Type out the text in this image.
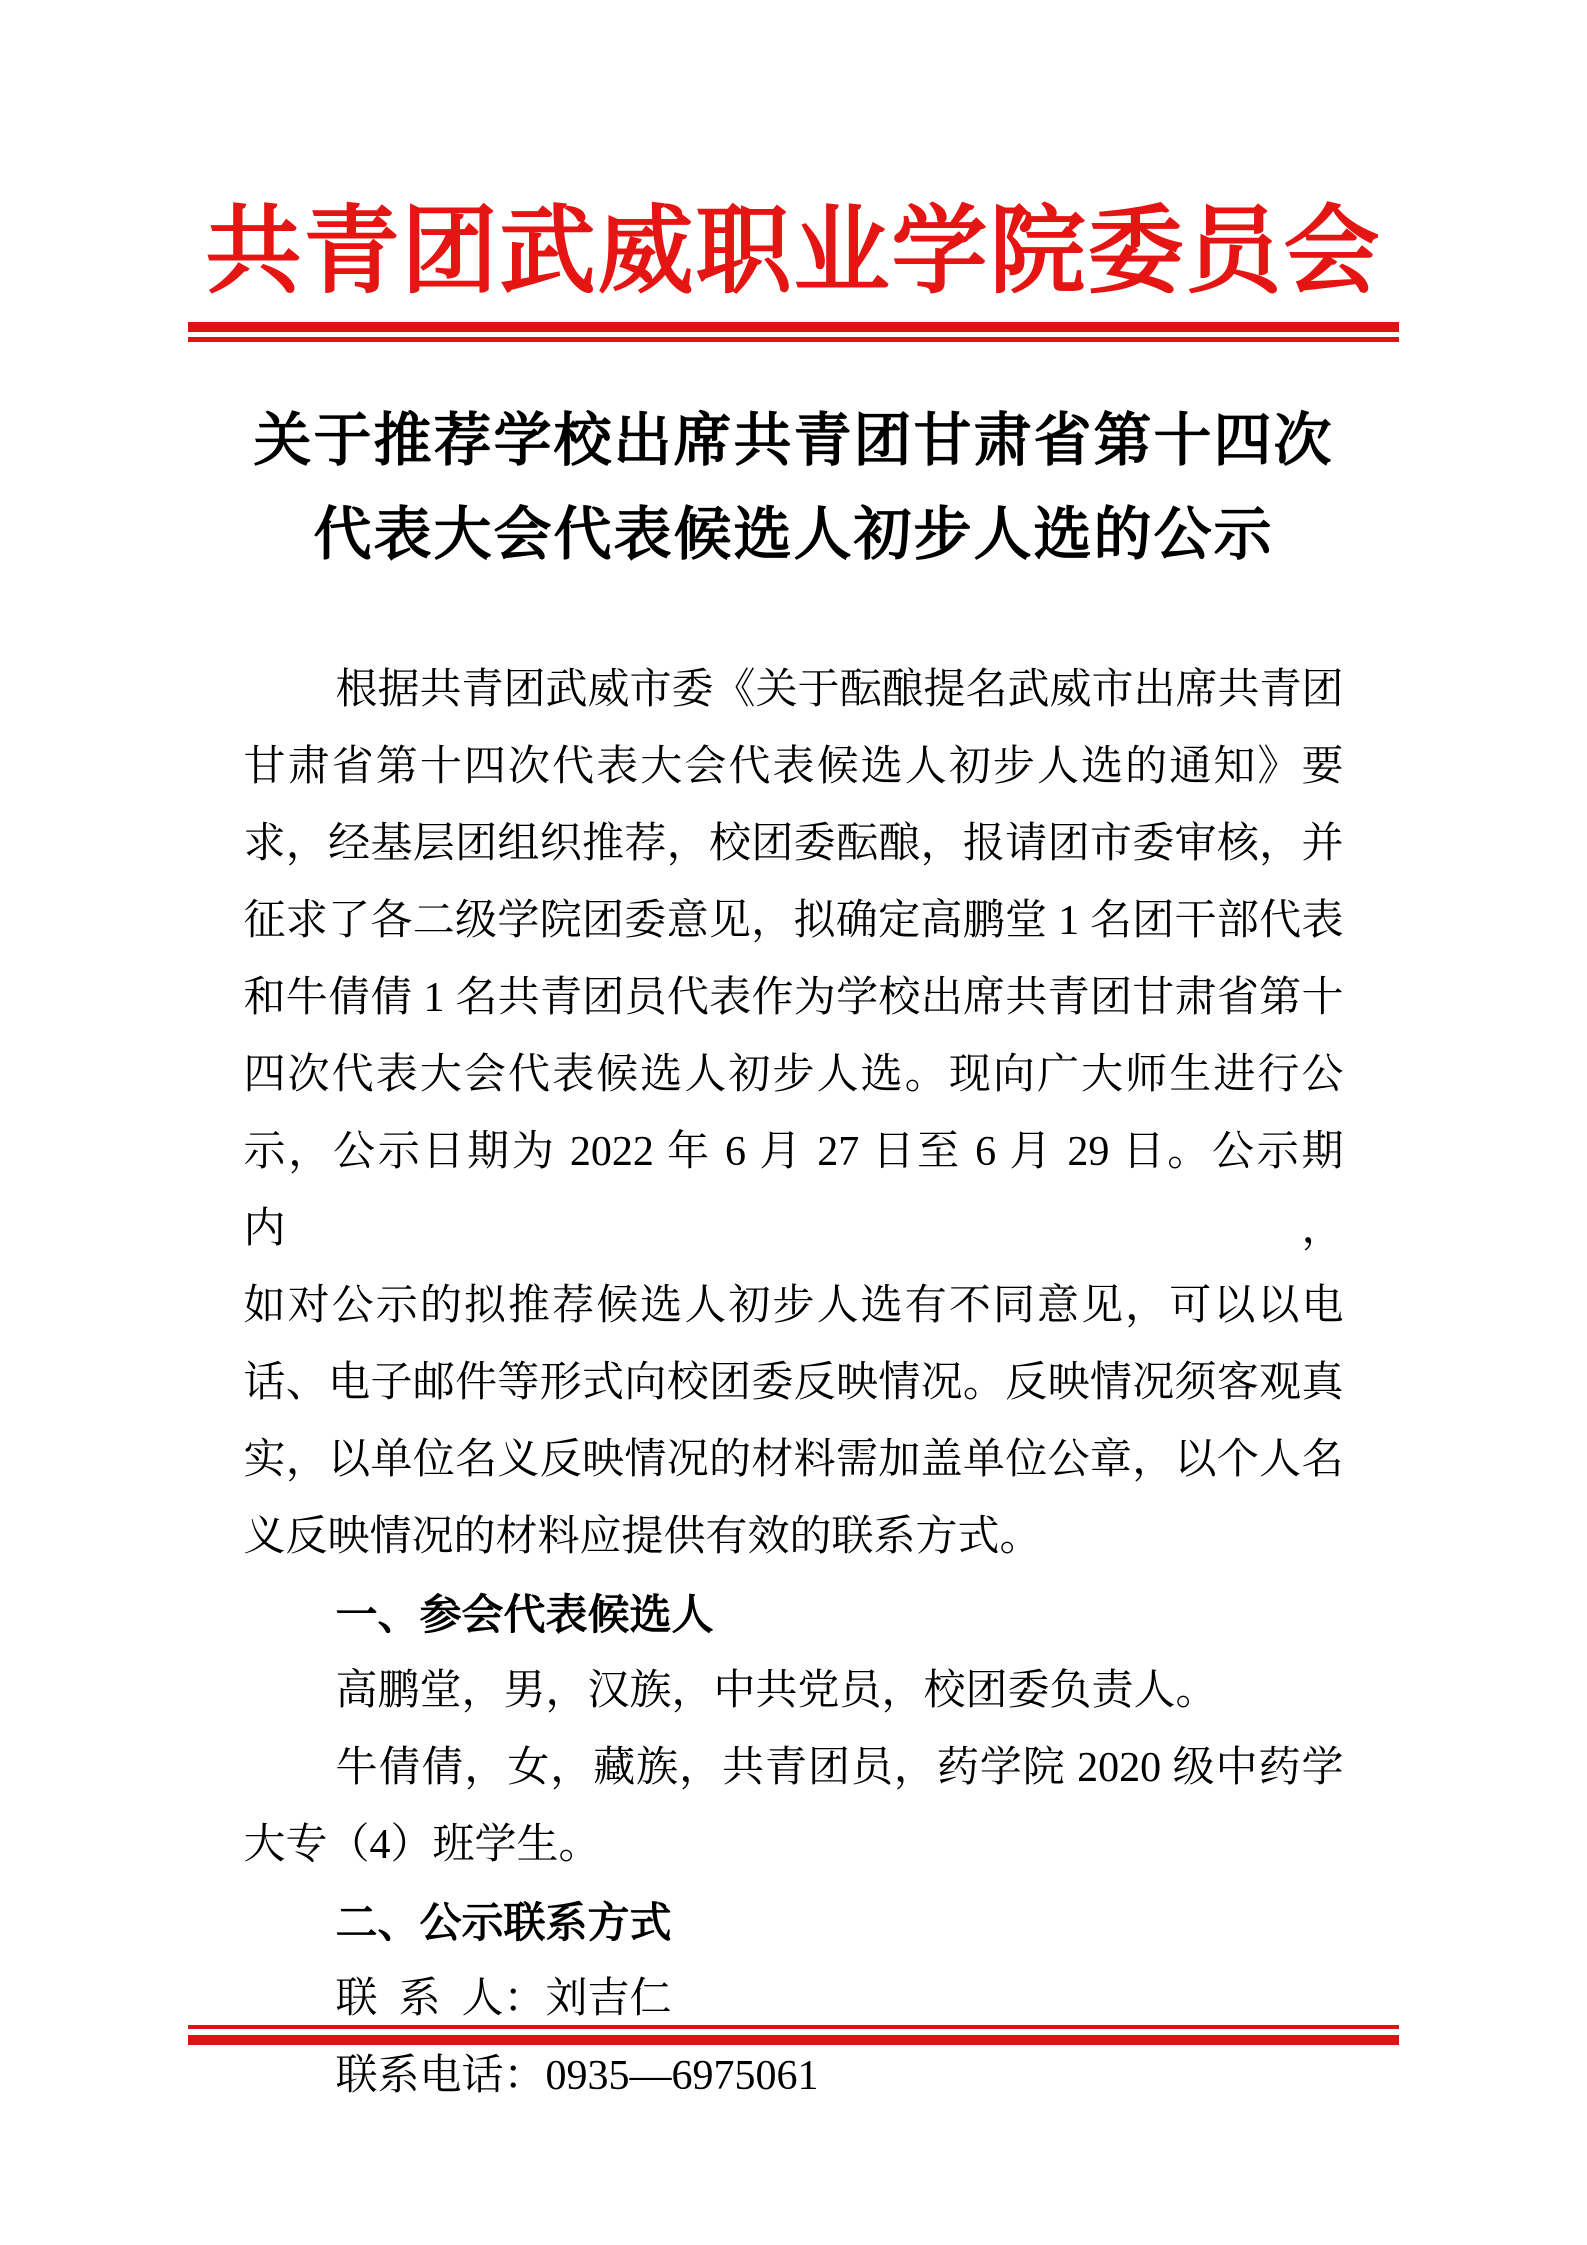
共青团武威职业学院委员会
关于推荐学校出席共青团甘肃省第十四次
代表大会代表候选人初步人选的公示
根据共青团武威市委《关于酝酿提名武威市出席共青团
甘肃省第十四次代表大会代表候选人初步人选的通知》要
求，经基层团组织推荐，校团委酝酿，报请团市委审核，并
征求了各二级学院团委意见，拟确定高鹏堂 1 名团干部代表
和牛倩倩 1 名共青团员代表作为学校出席共青团甘肃省第十
四次代表大会代表候选人初步人选。现向广大师生进行公
示，公示日期为 2022 年 6 月 27 日至 6 月 29 日。公示期内，
如对公示的拟推荐候选人初步人选有不同意见，可以以电
话、电子邮件等形式向校团委反映情况。反映情况须客观真
实，以单位名义反映情况的材料需加盖单位公章，以个人名
义反映情况的材料应提供有效的联系方式。
一、参会代表候选人
高鹏堂，男，汉族，中共党员，校团委负责人。
牛倩倩，女，藏族，共青团员，药学院 2020 级中药学
大专（4）班学生。
二、公示联系方式
联 系 人：刘吉仁
联系电话：0935—6975061
